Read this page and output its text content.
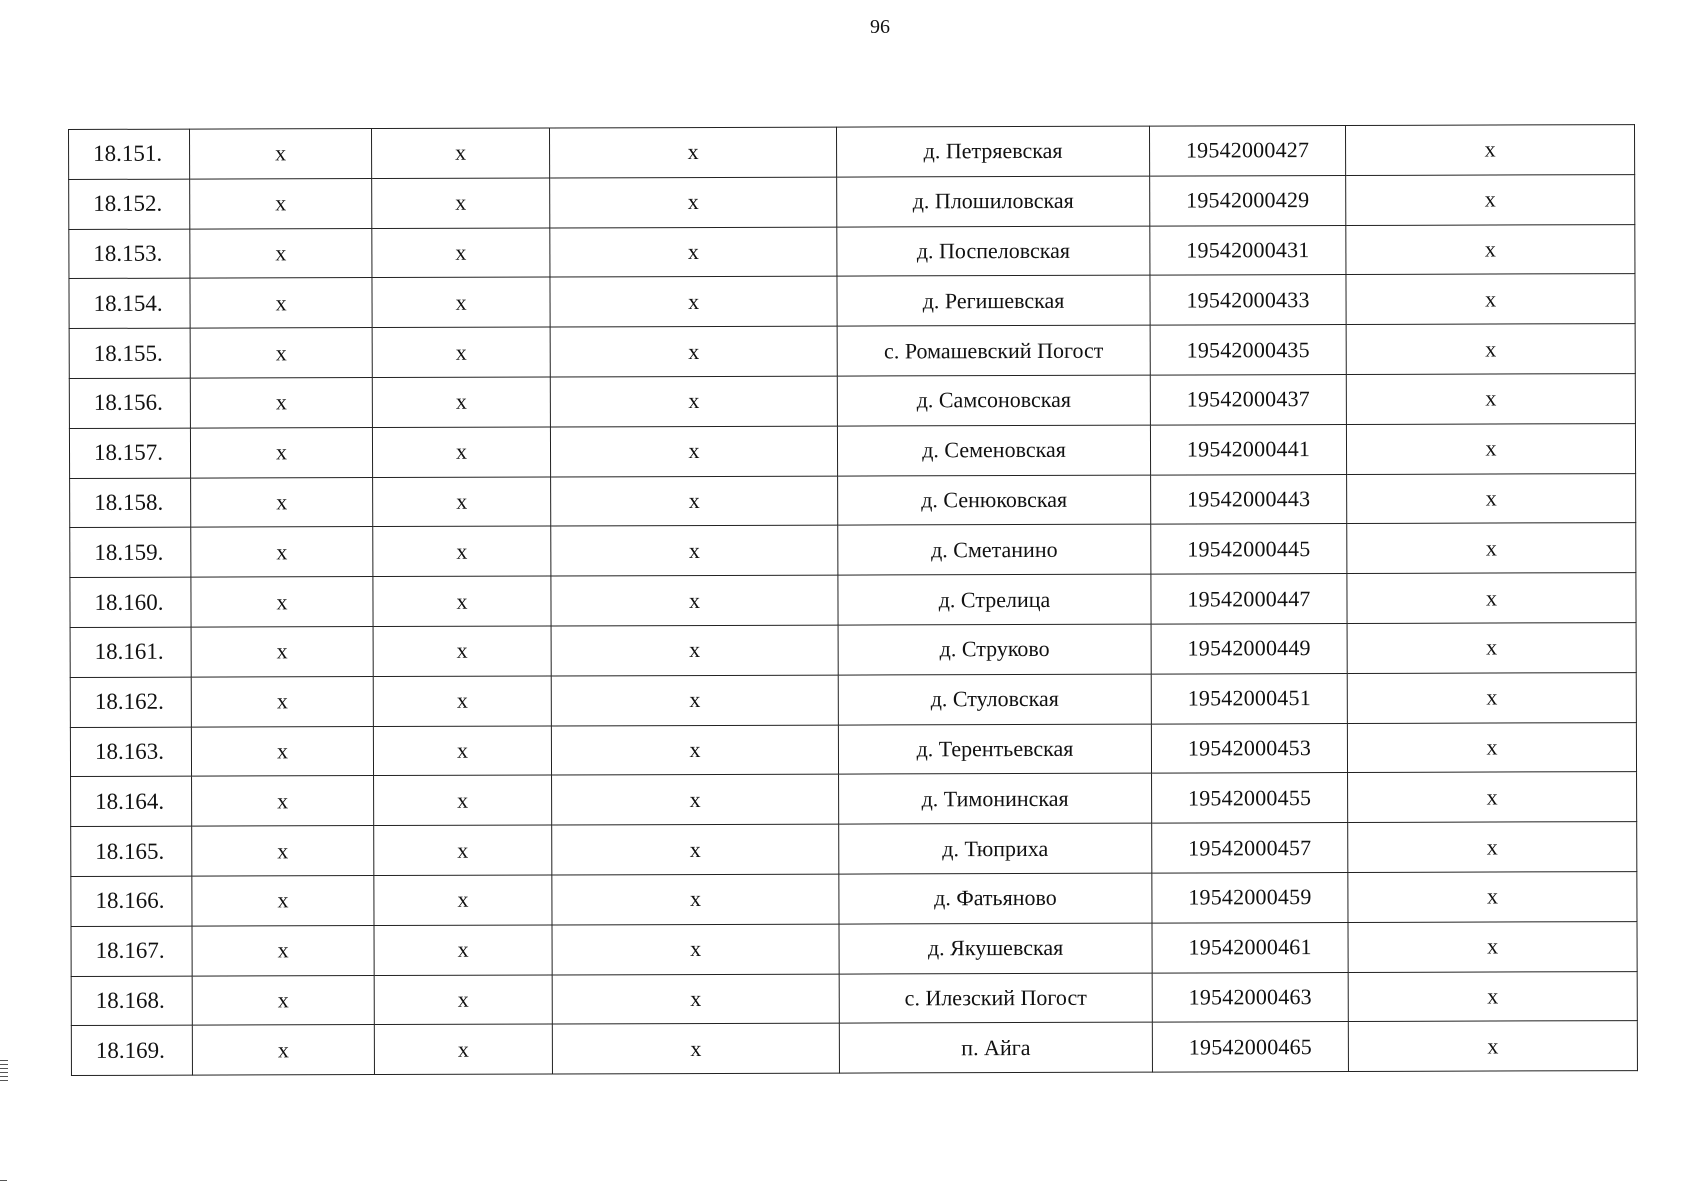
96
18.151.	x	x	x	д. Петряевская	19542000427	x
18.152.	x	x	x	д. Плошиловская	19542000429	x
18.153.	x	x	x	д. Поспеловская	19542000431	x
18.154.	x	x	x	д. Регишевская	19542000433	x
18.155.	x	x	x	с. Ромашевский Погост	19542000435	x
18.156.	x	x	x	д. Самсоновская	19542000437	x
18.157.	x	x	x	д. Семеновская	19542000441	x
18.158.	x	x	x	д. Сенюковская	19542000443	x
18.159.	x	x	x	д. Сметанино	19542000445	x
18.160.	x	x	x	д. Стрелица	19542000447	x
18.161.	x	x	x	д. Струково	19542000449	x
18.162.	x	x	x	д. Стуловская	19542000451	x
18.163.	x	x	x	д. Терентьевская	19542000453	x
18.164.	x	x	x	д. Тимонинская	19542000455	x
18.165.	x	x	x	д. Тюприха	19542000457	x
18.166.	x	x	x	д. Фатьяново	19542000459	x
18.167.	x	x	x	д. Якушевская	19542000461	x
18.168.	x	x	x	с. Илезский Погост	19542000463	x
18.169.	x	x	x	п. Айга	19542000465	x
